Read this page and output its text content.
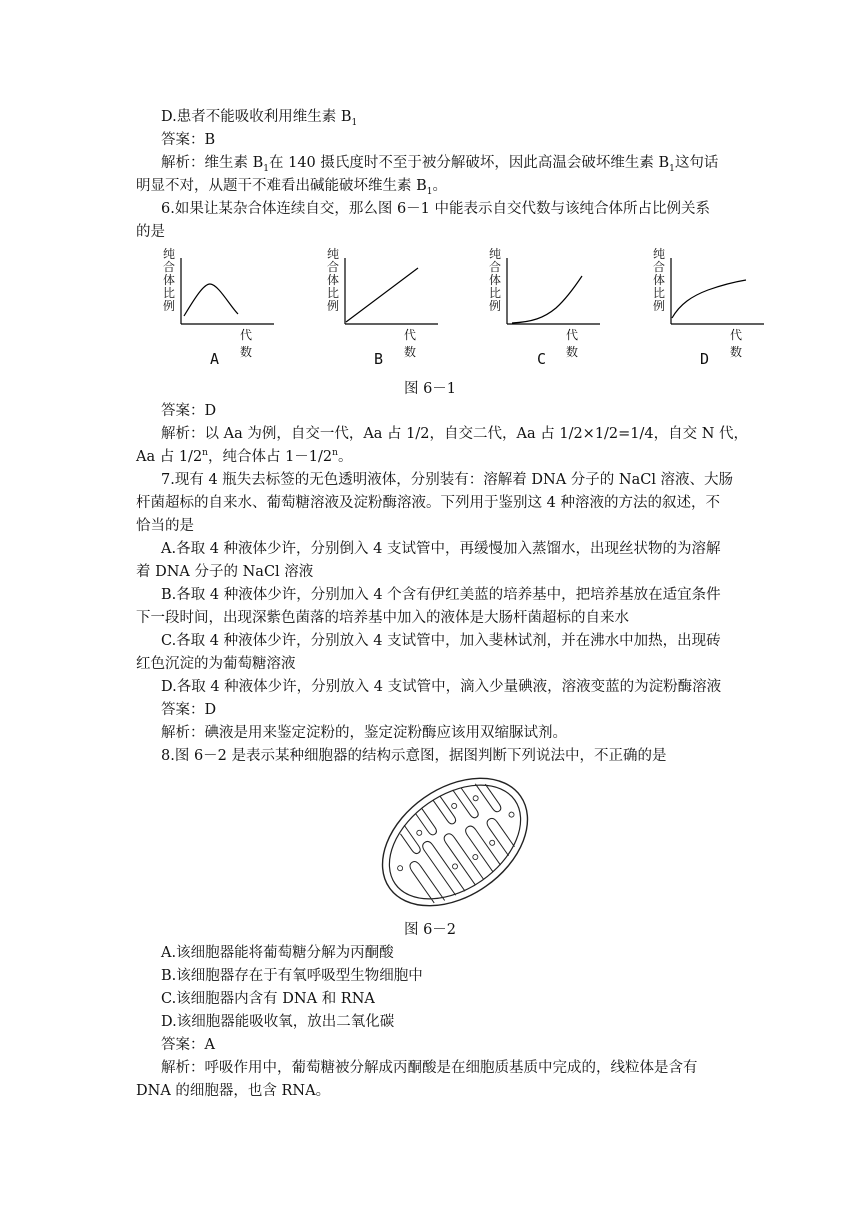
D.患者不能吸收利用维生素 $B_1$
答案：B
解析：维生素 $B_1$在 140 摄氏度时不至于被分解破坏，因此高温会破坏维生素 $B_1$这句话
明显不对，从题干不难看出碱能破坏维生素 $B_1$。
6.如果让某杂合体连续自交，那么图 6－1 中能表示自交代数与该纯合体所占比例关系
的是
纯
合
体
比
例
代数
A
纯
合
体
比
例
代数
B
纯
合
体
比
例
代数
C
纯
合
体
比
例
代数
D
图 6－1
答案：D
解析：以 Aa 为例，自交一代，Aa 占 1/2，自交二代，Aa 占 1/2×1/2=1/4，自交 N 代，
Aa 占 1/2$^n$，纯合体占 $1-1/2^n$。
7.现有 4 瓶失去标签的无色透明液体，分别装有：溶解着 DNA 分子的 NaCl 溶液、大肠
杆菌超标的自来水、葡萄糖溶液及淀粉酶溶液。下列用于鉴别这 4 种溶液的方法的叙述，不
恰当的是
A.各取 4 种液体少许，分别倒入 4 支试管中，再缓慢加入蒸馏水，出现丝状物的为溶解
着 DNA 分子的 NaCl 溶液
B.各取 4 种液体少许，分别加入 4 个含有伊红美蓝的培养基中，把培养基放在适宜条件
下一段时间，出现深紫色菌落的培养基中加入的液体是大肠杆菌超标的自来水
C.各取 4 种液体少许，分别放入 4 支试管中，加入斐林试剂，并在沸水中加热，出现砖
红色沉淀的为葡萄糖溶液
D.各取 4 种液体少许，分别放入 4 支试管中，滴入少量碘液，溶液变蓝的为淀粉酶溶液
答案：D
解析：碘液是用来鉴定淀粉的，鉴定淀粉酶应该用双缩脲试剂。
8.图 6－2 是表示某种细胞器的结构示意图，据图判断下列说法中，不正确的是
图 6－2
A.该细胞器能将葡萄糖分解为丙酮酸
B.该细胞器存在于有氧呼吸型生物细胞中
C.该细胞器内含有 DNA 和 RNA
D.该细胞器能吸收氧，放出二氧化碳
答案：A
解析：呼吸作用中，葡萄糖被分解成丙酮酸是在细胞质基质中完成的，线粒体是含有
DNA 的细胞器，也含 RNA。
